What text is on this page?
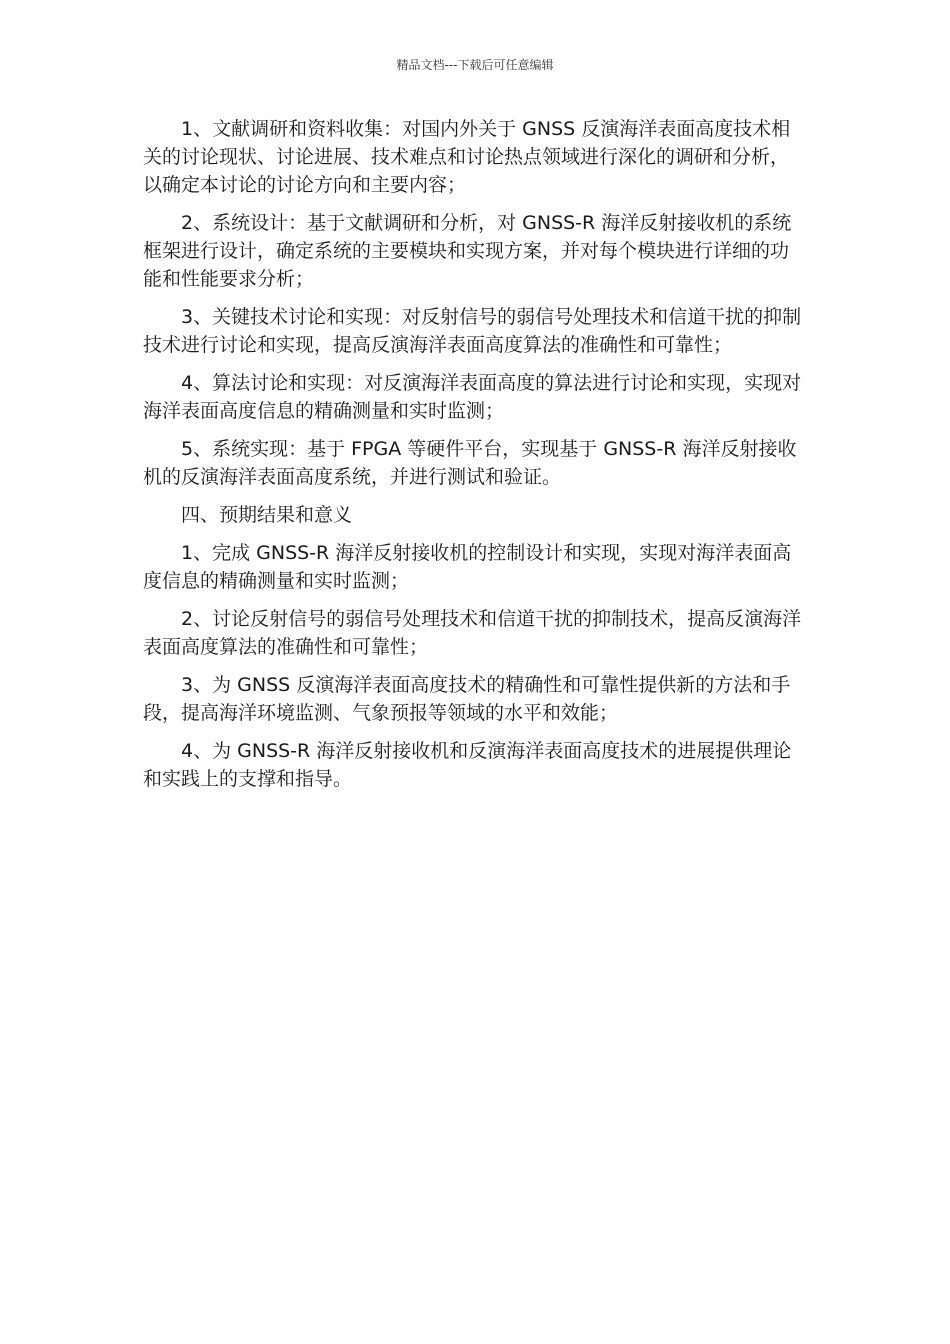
精品文档---下载后可任意编辑

1、文献调研和资料收集：对国内外关于 GNSS 反演海洋表面高度技术相关的讨论现状、讨论进展、技术难点和讨论热点领域进行深化的调研和分析，以确定本讨论的讨论方向和主要内容；

2、系统设计：基于文献调研和分析，对 GNSS-R 海洋反射接收机的系统框架进行设计，确定系统的主要模块和实现方案，并对每个模块进行详细的功能和性能要求分析；

3、关键技术讨论和实现：对反射信号的弱信号处理技术和信道干扰的抑制技术进行讨论和实现，提高反演海洋表面高度算法的准确性和可靠性；

4、算法讨论和实现：对反演海洋表面高度的算法进行讨论和实现，实现对海洋表面高度信息的精确测量和实时监测；

5、系统实现：基于 FPGA 等硬件平台，实现基于 GNSS-R 海洋反射接收机的反演海洋表面高度系统，并进行测试和验证。

四、预期结果和意义

1、完成 GNSS-R 海洋反射接收机的控制设计和实现，实现对海洋表面高度信息的精确测量和实时监测；

2、讨论反射信号的弱信号处理技术和信道干扰的抑制技术，提高反演海洋表面高度算法的准确性和可靠性；

3、为 GNSS 反演海洋表面高度技术的精确性和可靠性提供新的方法和手段，提高海洋环境监测、气象预报等领域的水平和效能；

4、为 GNSS-R 海洋反射接收机和反演海洋表面高度技术的进展提供理论和实践上的支撑和指导。
